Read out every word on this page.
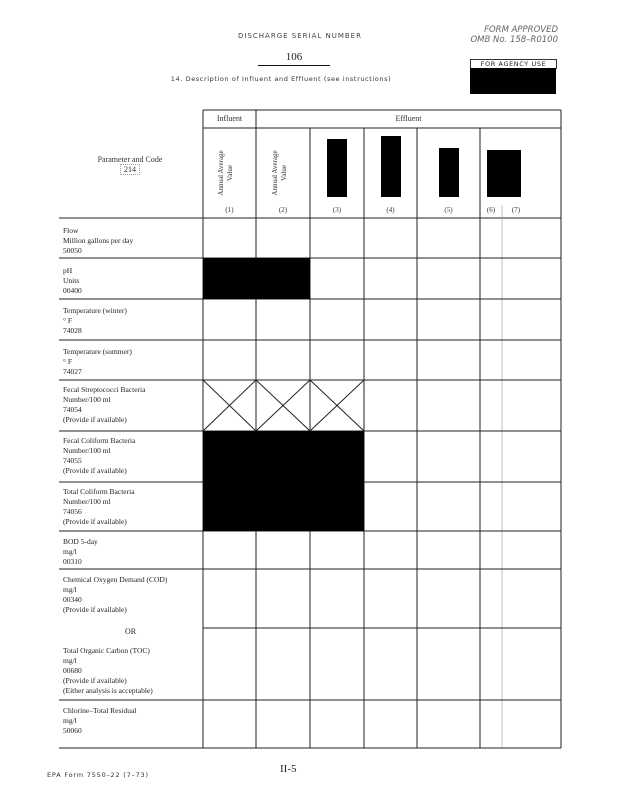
DISCHARGE SERIAL NUMBER
106
14. Description of Influent and Effluent (see instructions)
FORM APPROVED
OMB No. 158–R0100
FOR AGENCY USE
Influent	Effluent
Parameter and Code
214
Annual Average
Value
Annual Average
Value
(1)	(2)	(3)	(4)	(5)	(6)	(7)
Flow
Million gallons per day
50050
pH
Units
00400
Temperature (winter)
° F
74028
Temperature (summer)
° F
74027
Fecal Streptococci Bacteria
Number/100 ml
74054
(Provide if available)
Fecal Coliform Bacteria
Number/100 ml
74055
(Provide if available)
Total Coliform Bacteria
Number/100 ml
74056
(Provide if available)
BOD 5-day
mg/l
00310
Chemical Oxygen Demand (COD)
mg/l
00340
(Provide if available)
OR
Total Organic Carbon (TOC)
mg/l
00680
(Provide if available)
(Either analysis is acceptable)
Chlorine–Total Residual
mg/l
50060
EPA Form 7550–22 (7–73)	II-5
